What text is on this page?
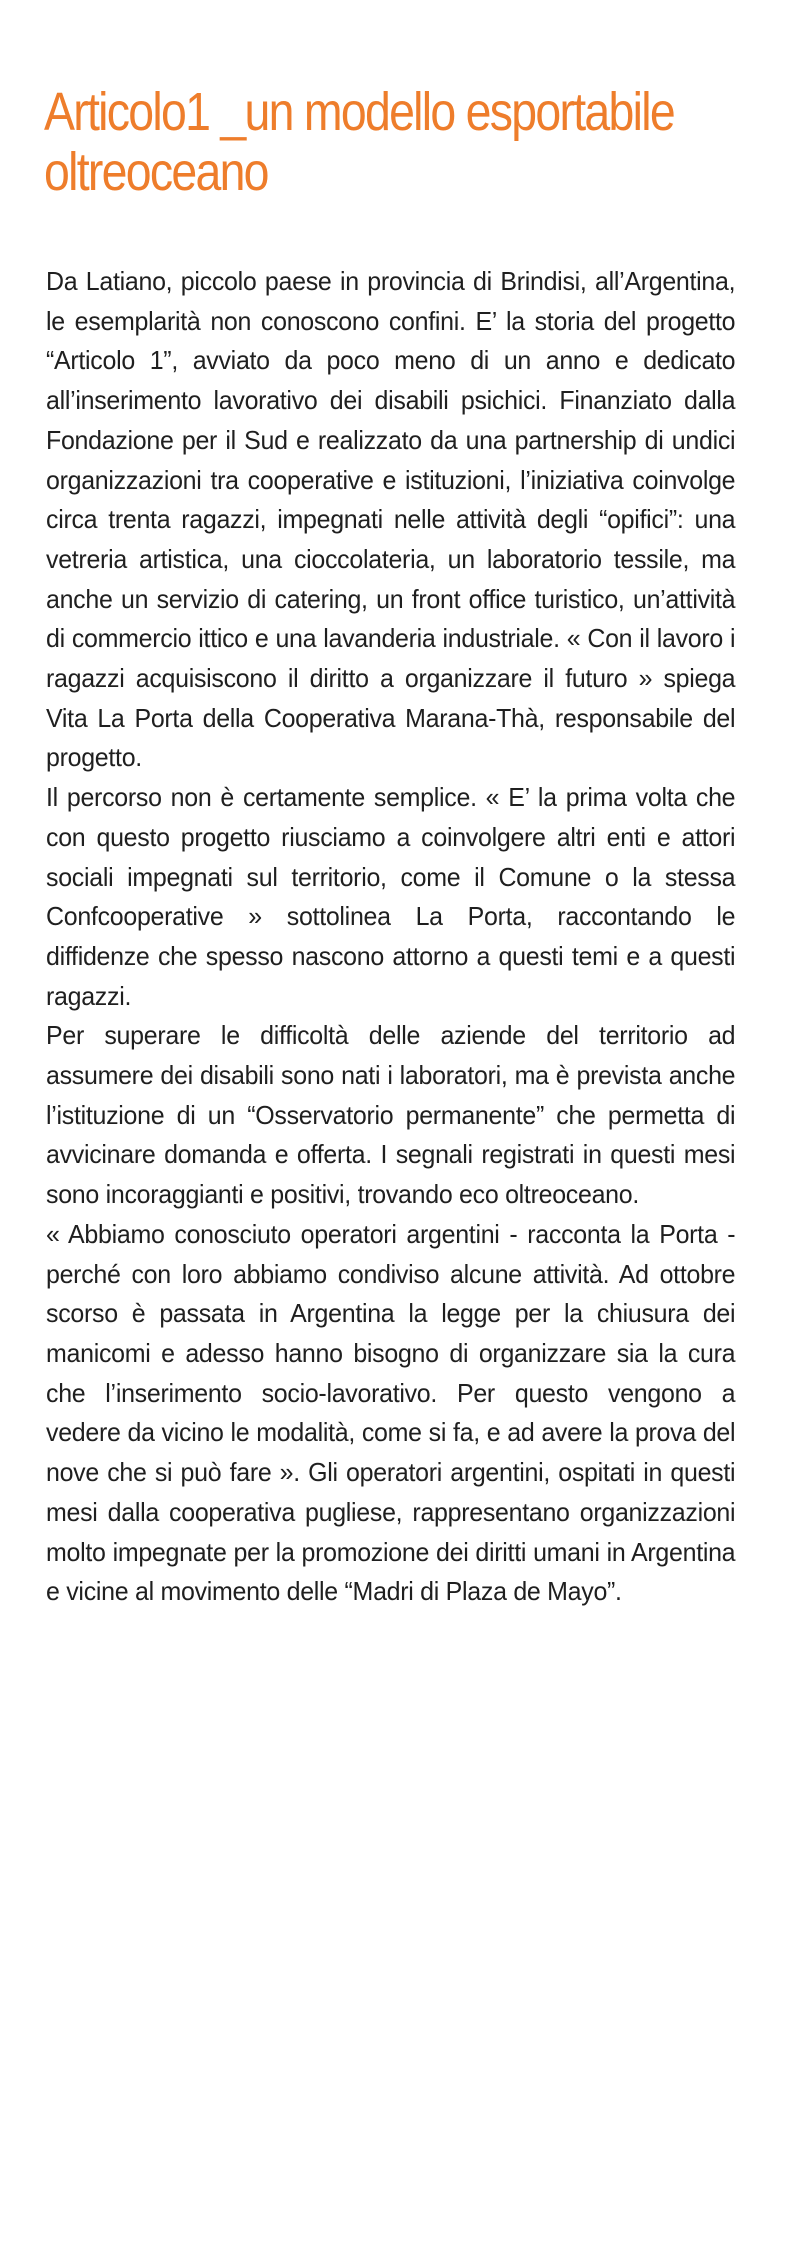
Articolo1 _un modello esportabile
oltreoceano

Da Latiano, piccolo paese in provincia di Brindisi, all’Argentina, le esemplarità non conoscono confini. E’ la storia del progetto “Articolo 1”, avviato da poco meno di un anno e dedicato all’inserimento lavorativo dei disabili psichici. Finanziato dalla Fondazione per il Sud e realizzato da una partnership di undici organizzazioni tra cooperative e istituzioni, l’iniziativa coinvolge circa trenta ragazzi, impegnati nelle attività degli “opifici”: una vetreria artistica, una cioccolateria, un laboratorio tessile, ma anche un servizio di catering, un front office turistico, un’attività di commercio ittico e una lavanderia industriale. « Con il lavoro i ragazzi acquisiscono il diritto a organizzare il futuro » spiega Vita La Porta della Cooperativa Marana-Thà, responsabile del progetto.

Il percorso non è certamente semplice. « E’ la prima volta che con questo progetto riusciamo a coinvolgere altri enti e attori sociali impegnati sul territorio, come il Comune o la stessa Confcooperative » sottolinea La Porta, raccontando le diffidenze che spesso nascono attorno a questi temi e a questi ragazzi.

Per superare le difficoltà delle aziende del territorio ad assumere dei disabili sono nati i laboratori, ma è prevista anche l’istituzione di un “Osservatorio permanente” che permetta di avvicinare domanda e offerta. I segnali registrati in questi mesi sono incoraggianti e positivi, trovando eco oltreoceano.

« Abbiamo conosciuto operatori argentini - racconta la Porta - perché con loro abbiamo condiviso alcune attività. Ad ottobre scorso è passata in Argentina la legge per la chiusura dei manicomi e adesso hanno bisogno di organizzare sia la cura che l’inserimento socio-lavorativo. Per questo vengono a vedere da vicino le modalità, come si fa, e ad avere la prova del nove che si può fare ». Gli operatori argentini, ospitati in questi mesi dalla cooperativa pugliese, rappresentano organizzazioni molto impegnate per la promozione dei diritti umani in Argentina e vicine al movimento delle “Madri di Plaza de Mayo”.
